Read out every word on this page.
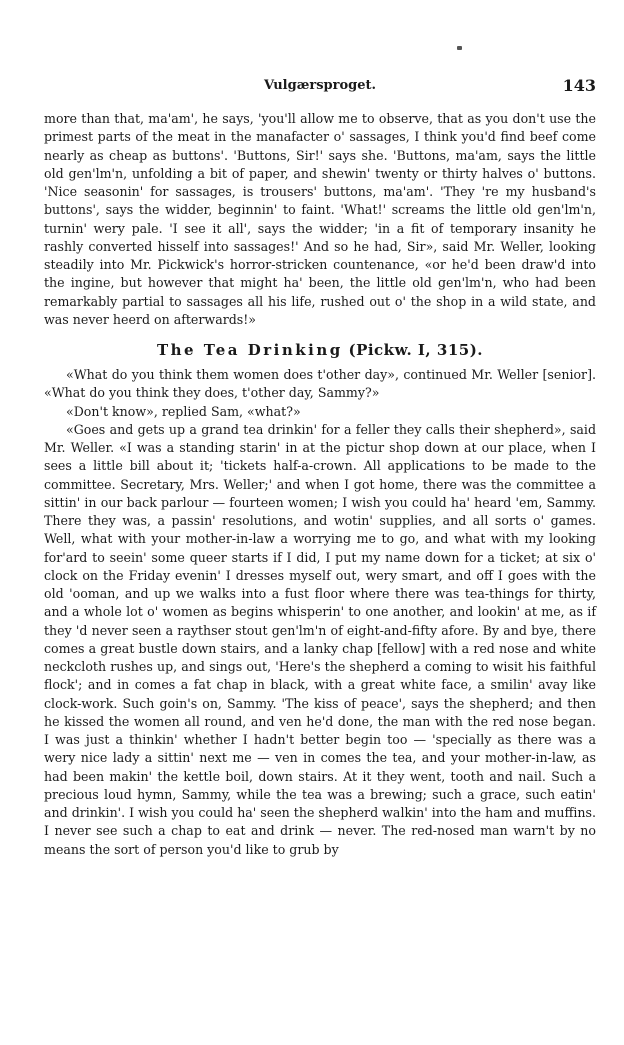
Vulgærsproget.	143

more than that, ma'am', he says, 'you'll allow me to observe, that as you don't use the primest parts of the meat in the manafacter o' sassages, I think you'd find beef come nearly as cheap as buttons'. 'Buttons, Sir!' says she. 'Buttons, ma'am, says the little old gen'lm'n, unfolding a bit of paper, and shewin' twenty or thirty halves o' buttons. 'Nice seasonin' for sassages, is trousers' buttons, ma'am'. 'They 're my husband's buttons', says the widder, beginnin' to faint. 'What!' screams the little old gen'lm'n, turnin' wery pale. 'I see it all', says the widder; 'in a fit of temporary insanity he rashly converted hisself into sassages!' And so he had, Sir», said Mr. Weller, looking steadily into Mr. Pickwick's horror-stricken countenance, «or he'd been draw'd into the ingine, but however that might ha' been, the little old gen'lm'n, who had been remarkably partial to sassages all his life, rushed out o' the shop in a wild state, and was never heerd on afterwards!»

The Tea Drinking (Pickw. I, 315).

«What do you think them women does t'other day», continued Mr. Weller [senior]. «What do you think they does, t'other day, Sammy?»

«Don't know», replied Sam, «what?»

«Goes and gets up a grand tea drinkin' for a feller they calls their shepherd», said Mr. Weller. «I was a standing starin' in at the pictur shop down at our place, when I sees a little bill about it; 'tickets half-a-crown. All applications to be made to the committee. Secretary, Mrs. Weller;' and when I got home, there was the committee a sittin' in our back parlour — fourteen women; I wish you could ha' heard 'em, Sammy. There they was, a passin' resolutions, and wotin' supplies, and all sorts o' games. Well, what with your mother-in-law a worrying me to go, and what with my looking for'ard to seein' some queer starts if I did, I put my name down for a ticket; at six o' clock on the Friday evenin' I dresses myself out, wery smart, and off I goes with the old 'ooman, and up we walks into a fust floor where there was tea-things for thirty, and a whole lot o' women as begins whisperin' to one another, and lookin' at me, as if they 'd never seen a raythser stout gen'lm'n of eight-and-fifty afore. By and bye, there comes a great bustle down stairs, and a lanky chap [fellow] with a red nose and white neckcloth rushes up, and sings out, 'Here's the shepherd a coming to wisit his faithful flock'; and in comes a fat chap in black, with a great white face, a smilin' avay like clock-work. Such goin's on, Sammy. 'The kiss of peace', says the shepherd; and then he kissed the women all round, and ven he'd done, the man with the red nose began. I was just a thinkin' whether I hadn't better begin too — 'specially as there was a wery nice lady a sittin' next me — ven in comes the tea, and your mother-in-law, as had been makin' the kettle boil, down stairs. At it they went, tooth and nail. Such a precious loud hymn, Sammy, while the tea was a brewing; such a grace, such eatin' and drinkin'. I wish you could ha' seen the shepherd walkin' into the ham and muffins. I never see such a chap to eat and drink — never. The red-nosed man warn't by no means the sort of person you'd like to grub by
